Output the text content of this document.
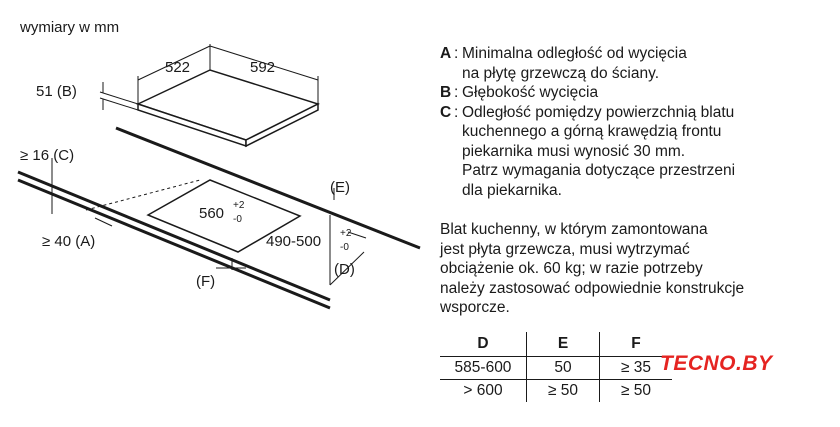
wymiary w mm
522	592
51 (B)
≥ 16 (C)
≥ 40 (A)
560 +2
-0
490-500 +2
-0
(E)
(D)
(F)
A : Minimalna odległość od wycięcia
na płytę grzewczą do ściany.
B : Głębokość wycięcia
C : Odległość pomiędzy powierzchnią blatu
kuchennego a górną krawędzią frontu
piekarnika musi wynosić 30 mm.
Patrz wymagania dotyczące przestrzeni
dla piekarnika.
Blat kuchenny, w którym zamontowana
jest płyta grzewcza, musi wytrzymać
obciążenie ok. 60 kg; w razie potrzeby
należy zastosować odpowiednie konstrukcje
wsporcze.
D	E	F
585-600	50	≥ 35
> 600	≥ 50	≥ 50
TECNO.BY
